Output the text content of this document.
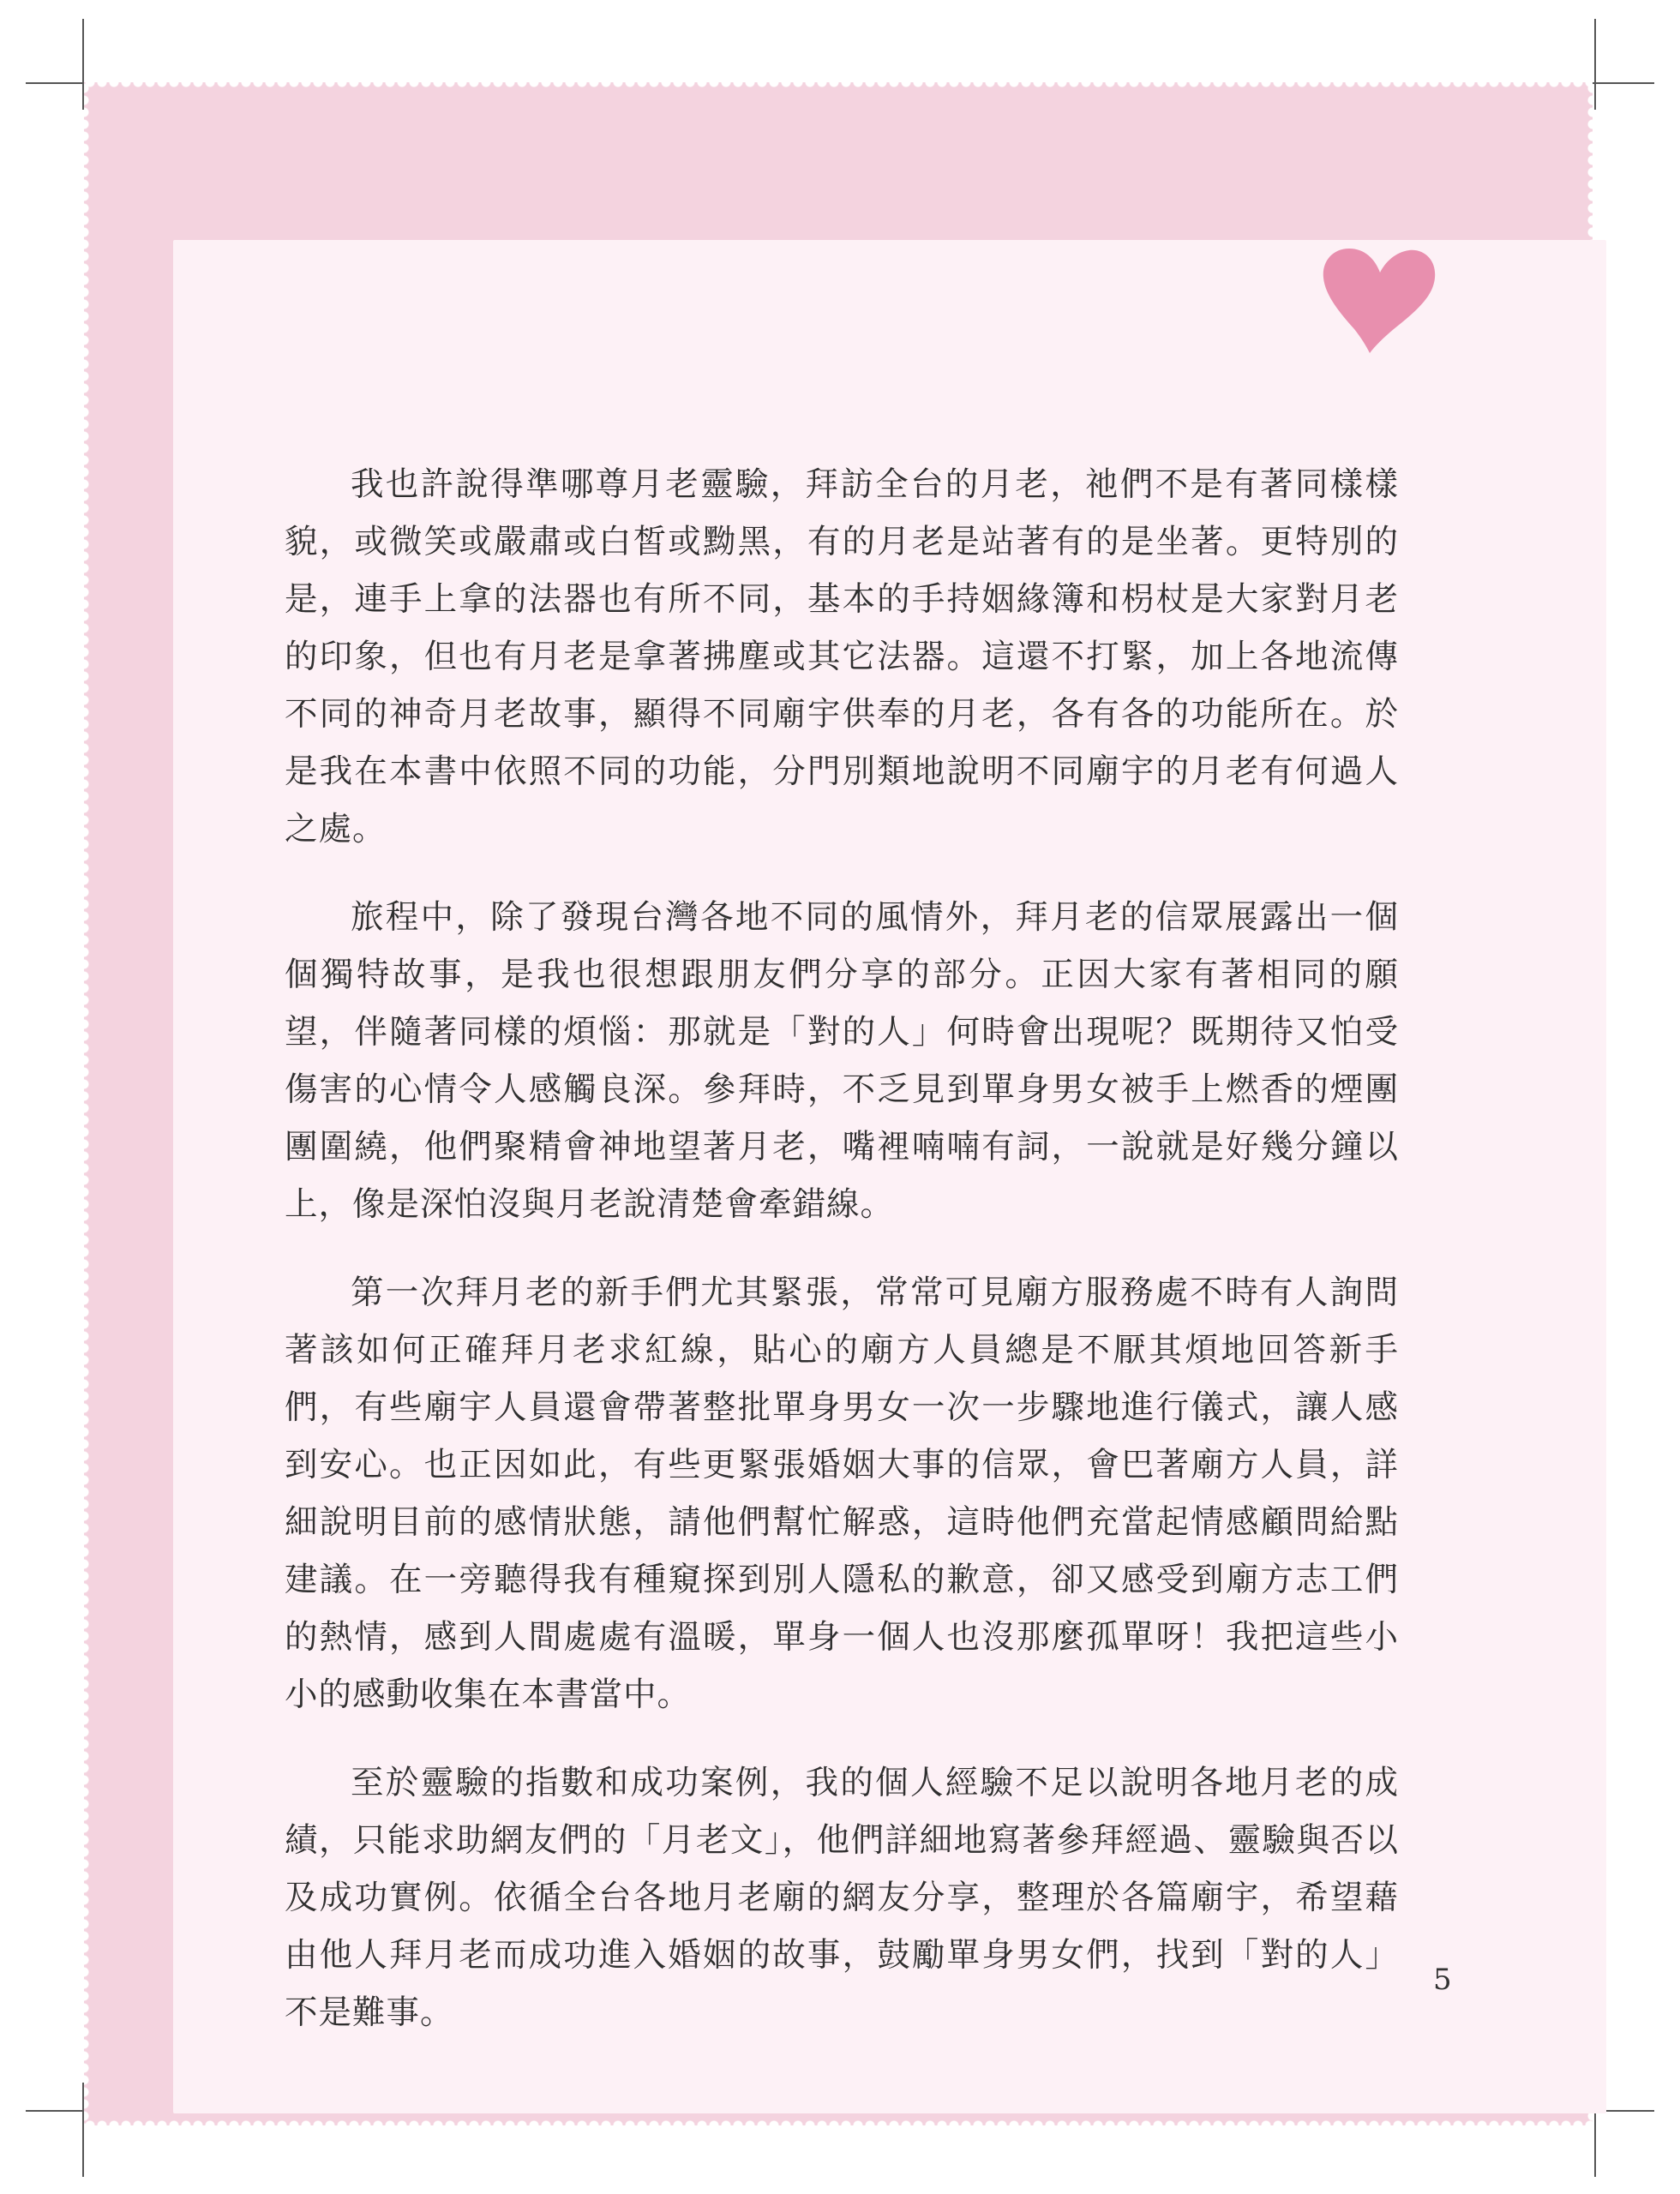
我也許說得準哪尊月老靈驗，拜訪全台的月老，祂們不是有著同樣樣貌，或微笑或嚴肅或白皙或黝黑，有的月老是站著有的是坐著。更特別的是，連手上拿的法器也有所不同，基本的手持姻緣簿和枴杖是大家對月老的印象，但也有月老是拿著拂塵或其它法器。這還不打緊，加上各地流傳不同的神奇月老故事，顯得不同廟宇供奉的月老，各有各的功能所在。於是我在本書中依照不同的功能，分門別類地說明不同廟宇的月老有何過人之處。

旅程中，除了發現台灣各地不同的風情外，拜月老的信眾展露出一個個獨特故事，是我也很想跟朋友們分享的部分。正因大家有著相同的願望，伴隨著同樣的煩惱：那就是「對的人」何時會出現呢？既期待又怕受傷害的心情令人感觸良深。參拜時，不乏見到單身男女被手上燃香的煙團團圍繞，他們聚精會神地望著月老，嘴裡喃喃有詞，一說就是好幾分鐘以上，像是深怕沒與月老說清楚會牽錯線。

第一次拜月老的新手們尤其緊張，常常可見廟方服務處不時有人詢問著該如何正確拜月老求紅線，貼心的廟方人員總是不厭其煩地回答新手們，有些廟宇人員還會帶著整批單身男女一次一步驟地進行儀式，讓人感到安心。也正因如此，有些更緊張婚姻大事的信眾，會巴著廟方人員，詳細說明目前的感情狀態，請他們幫忙解惑，這時他們充當起情感顧問給點建議。在一旁聽得我有種窺探到別人隱私的歉意，卻又感受到廟方志工們的熱情，感到人間處處有溫暖，單身一個人也沒那麼孤單呀！我把這些小小的感動收集在本書當中。

至於靈驗的指數和成功案例，我的個人經驗不足以說明各地月老的成績，只能求助網友們的「月老文」，他們詳細地寫著參拜經過、靈驗與否以及成功實例。依循全台各地月老廟的網友分享，整理於各篇廟宇，希望藉由他人拜月老而成功進入婚姻的故事，鼓勵單身男女們，找到「對的人」不是難事。

5
